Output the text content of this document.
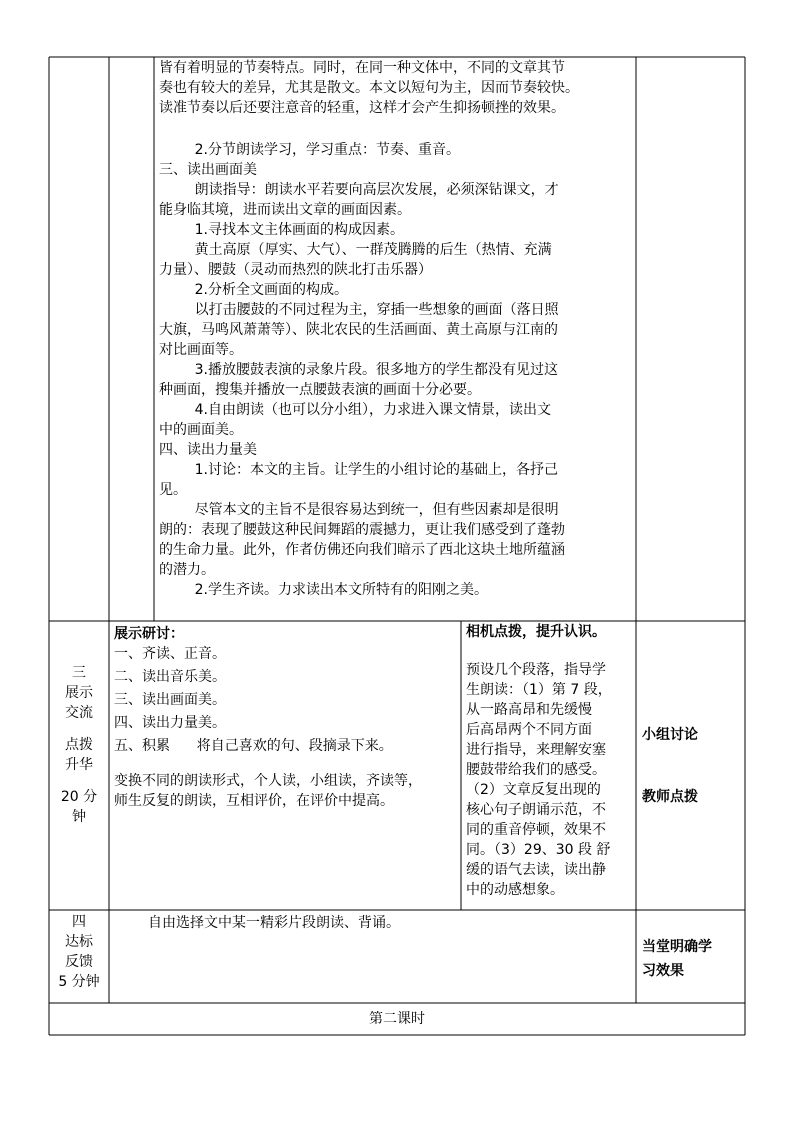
皆有着明显的节奏特点。同时，在同一种文体中，不同的文章其节
奏也有较大的差异，尤其是散文。本文以短句为主，因而节奏较快。
读准节奏以后还要注意音的轻重，这样才会产生抑扬顿挫的效果。
2.分节朗读学习，学习重点：节奏、重音。
三、读出画面美
朗读指导：朗读水平若要向高层次发展，必须深钻课文，才
能身临其境，进而读出文章的画面因素。
1.寻找本文主体画面的构成因素。
黄土高原（厚实、大气）、一群茂腾腾的后生（热情、充满
力量）、腰鼓（灵动而热烈的陕北打击乐器）
2.分析全文画面的构成。
以打击腰鼓的不同过程为主，穿插一些想象的画面（落日照
大旗，马鸣风萧萧等）、陕北农民的生活画面、黄土高原与江南的
对比画面等。
3.播放腰鼓表演的录象片段。很多地方的学生都没有见过这
种画面，搜集并播放一点腰鼓表演的画面十分必要。
4.自由朗读（也可以分小组），力求进入课文情景，读出文
中的画面美。
四、读出力量美
1.讨论：本文的主旨。让学生的小组讨论的基础上，各抒己
见。
尽管本文的主旨不是很容易达到统一，但有些因素却是很明
朗的：表现了腰鼓这种民间舞蹈的震撼力，更让我们感受到了蓬勃
的生命力量。此外，作者仿佛还向我们暗示了西北这块土地所蕴涵
的潜力。
2.学生齐读。力求读出本文所特有的阳刚之美。
三
展示
交流
点拨
升华
20 分
钟
展示研讨：
一、齐读、正音。
二、读出音乐美。
三、读出画面美。
四、读出力量美。
五、积累      将自己喜欢的句、段摘录下来。
变换不同的朗读形式，个人读，小组读，齐读等，
师生反复的朗读，互相评价，在评价中提高。
相机点拨，提升认识。
预设几个段落，指导学
生朗读：（1）第 7 段，
从一路高昂和先缓慢
后高昂两个不同方面
进行指导，来理解安塞
腰鼓带给我们的感受。
（2）文章反复出现的
核心句子朗诵示范，不
同的重音停顿，效果不
同。（3）29、30 段 舒
缓的语气去读，读出静
中的动感想象。
小组讨论
教师点拨
四
达标
反馈
5 分钟
自由选择文中某一精彩片段朗读、背诵。
当堂明确学
习效果
第二课时
